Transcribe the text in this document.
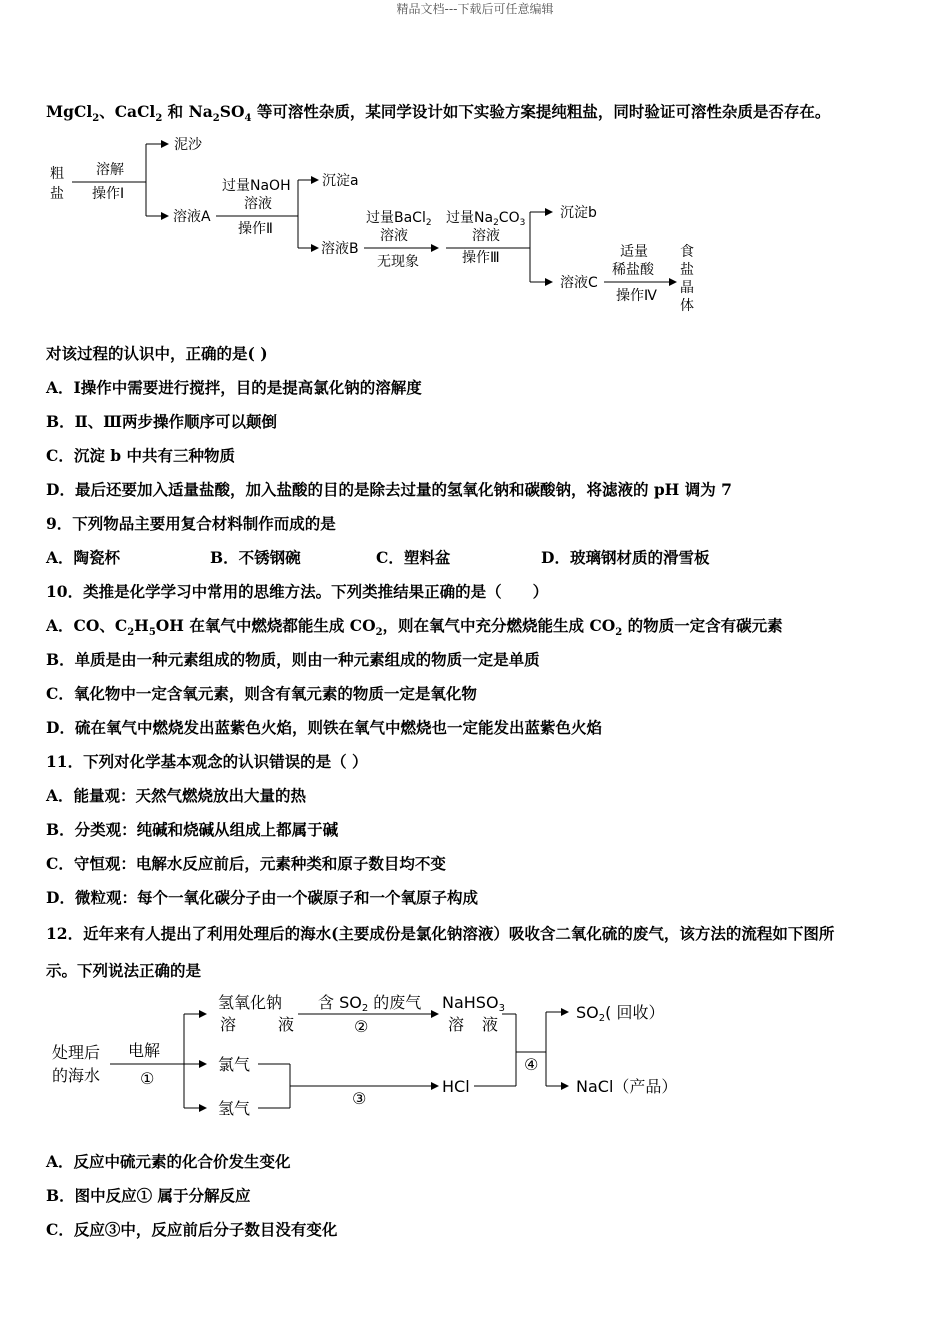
精品文档---下载后可任意编辑
MgCl$_2$、CaCl$_2$ 和 $Na_2SO_4$ 等可溶性杂质，某同学设计如下实验方案提纯粗盐，同时验证可溶性杂质是否存在。
粗
盐
溶解
操作Ⅰ
泥沙
溶液A
过量NaOH
溶液
操作Ⅱ
沉淀a
溶液B
过量BaCl$_2$
溶液
无现象
过量$Na_2CO_3$
溶液
操作Ⅲ
沉淀b
溶液C
适量
稀盐酸
操作Ⅳ
食
盐
晶
体
对该过程的认识中，正确的是( )
A．Ⅰ操作中需要进行搅拌，目的是提高氯化钠的溶解度
B．Ⅱ、Ⅲ两步操作顺序可以颠倒
C．沉淀 b 中共有三种物质
D．最后还要加入适量盐酸，加入盐酸的目的是除去过量的氢氧化钠和碳酸钠，将滤液的 pH 调为 7
9．下列物品主要用复合材料制作而成的是
A．陶瓷杯	B．不锈钢碗	C．塑料盆	D．玻璃钢材质的滑雪板
10．类推是化学学习中常用的思维方法。下列类推结果正确的是（　　）
A．CO、$C_2H_5OH$ 在氧气中燃烧都能生成 $CO_2$，则在氧气中充分燃烧能生成 $CO_2$ 的物质一定含有碳元素
B．单质是由一种元素组成的物质，则由一种元素组成的物质一定是单质
C．氧化物中一定含氧元素，则含有氧元素的物质一定是氧化物
D．硫在氧气中燃烧发出蓝紫色火焰，则铁在氧气中燃烧也一定能发出蓝紫色火焰
11．下列对化学基本观念的认识错误的是（ ）
A．能量观：天然气燃烧放出大量的热
B．分类观：纯碱和烧碱从组成上都属于碱
C．守恒观：电解水反应前后，元素种类和原子数目均不变
D．微粒观：每个一氧化碳分子由一个碳原子和一个氧原子构成
12．近年来有人提出了利用处理后的海水(主要成份是氯化钠溶液）吸收含二氧化硫的废气，该方法的流程如下图所
示。下列说法正确的是
处理后
的海水
电解
①
氢氧化钠
溶	液
含 SO2 的废气
②
NaHSO3
溶 液
氯气
氢气
③
HCl
④
SO2( 回收）
NaCl（产品）
A．反应中硫元素的化合价发生变化
B．图中反应① 属于分解反应
C．反应③中，反应前后分子数目没有变化
